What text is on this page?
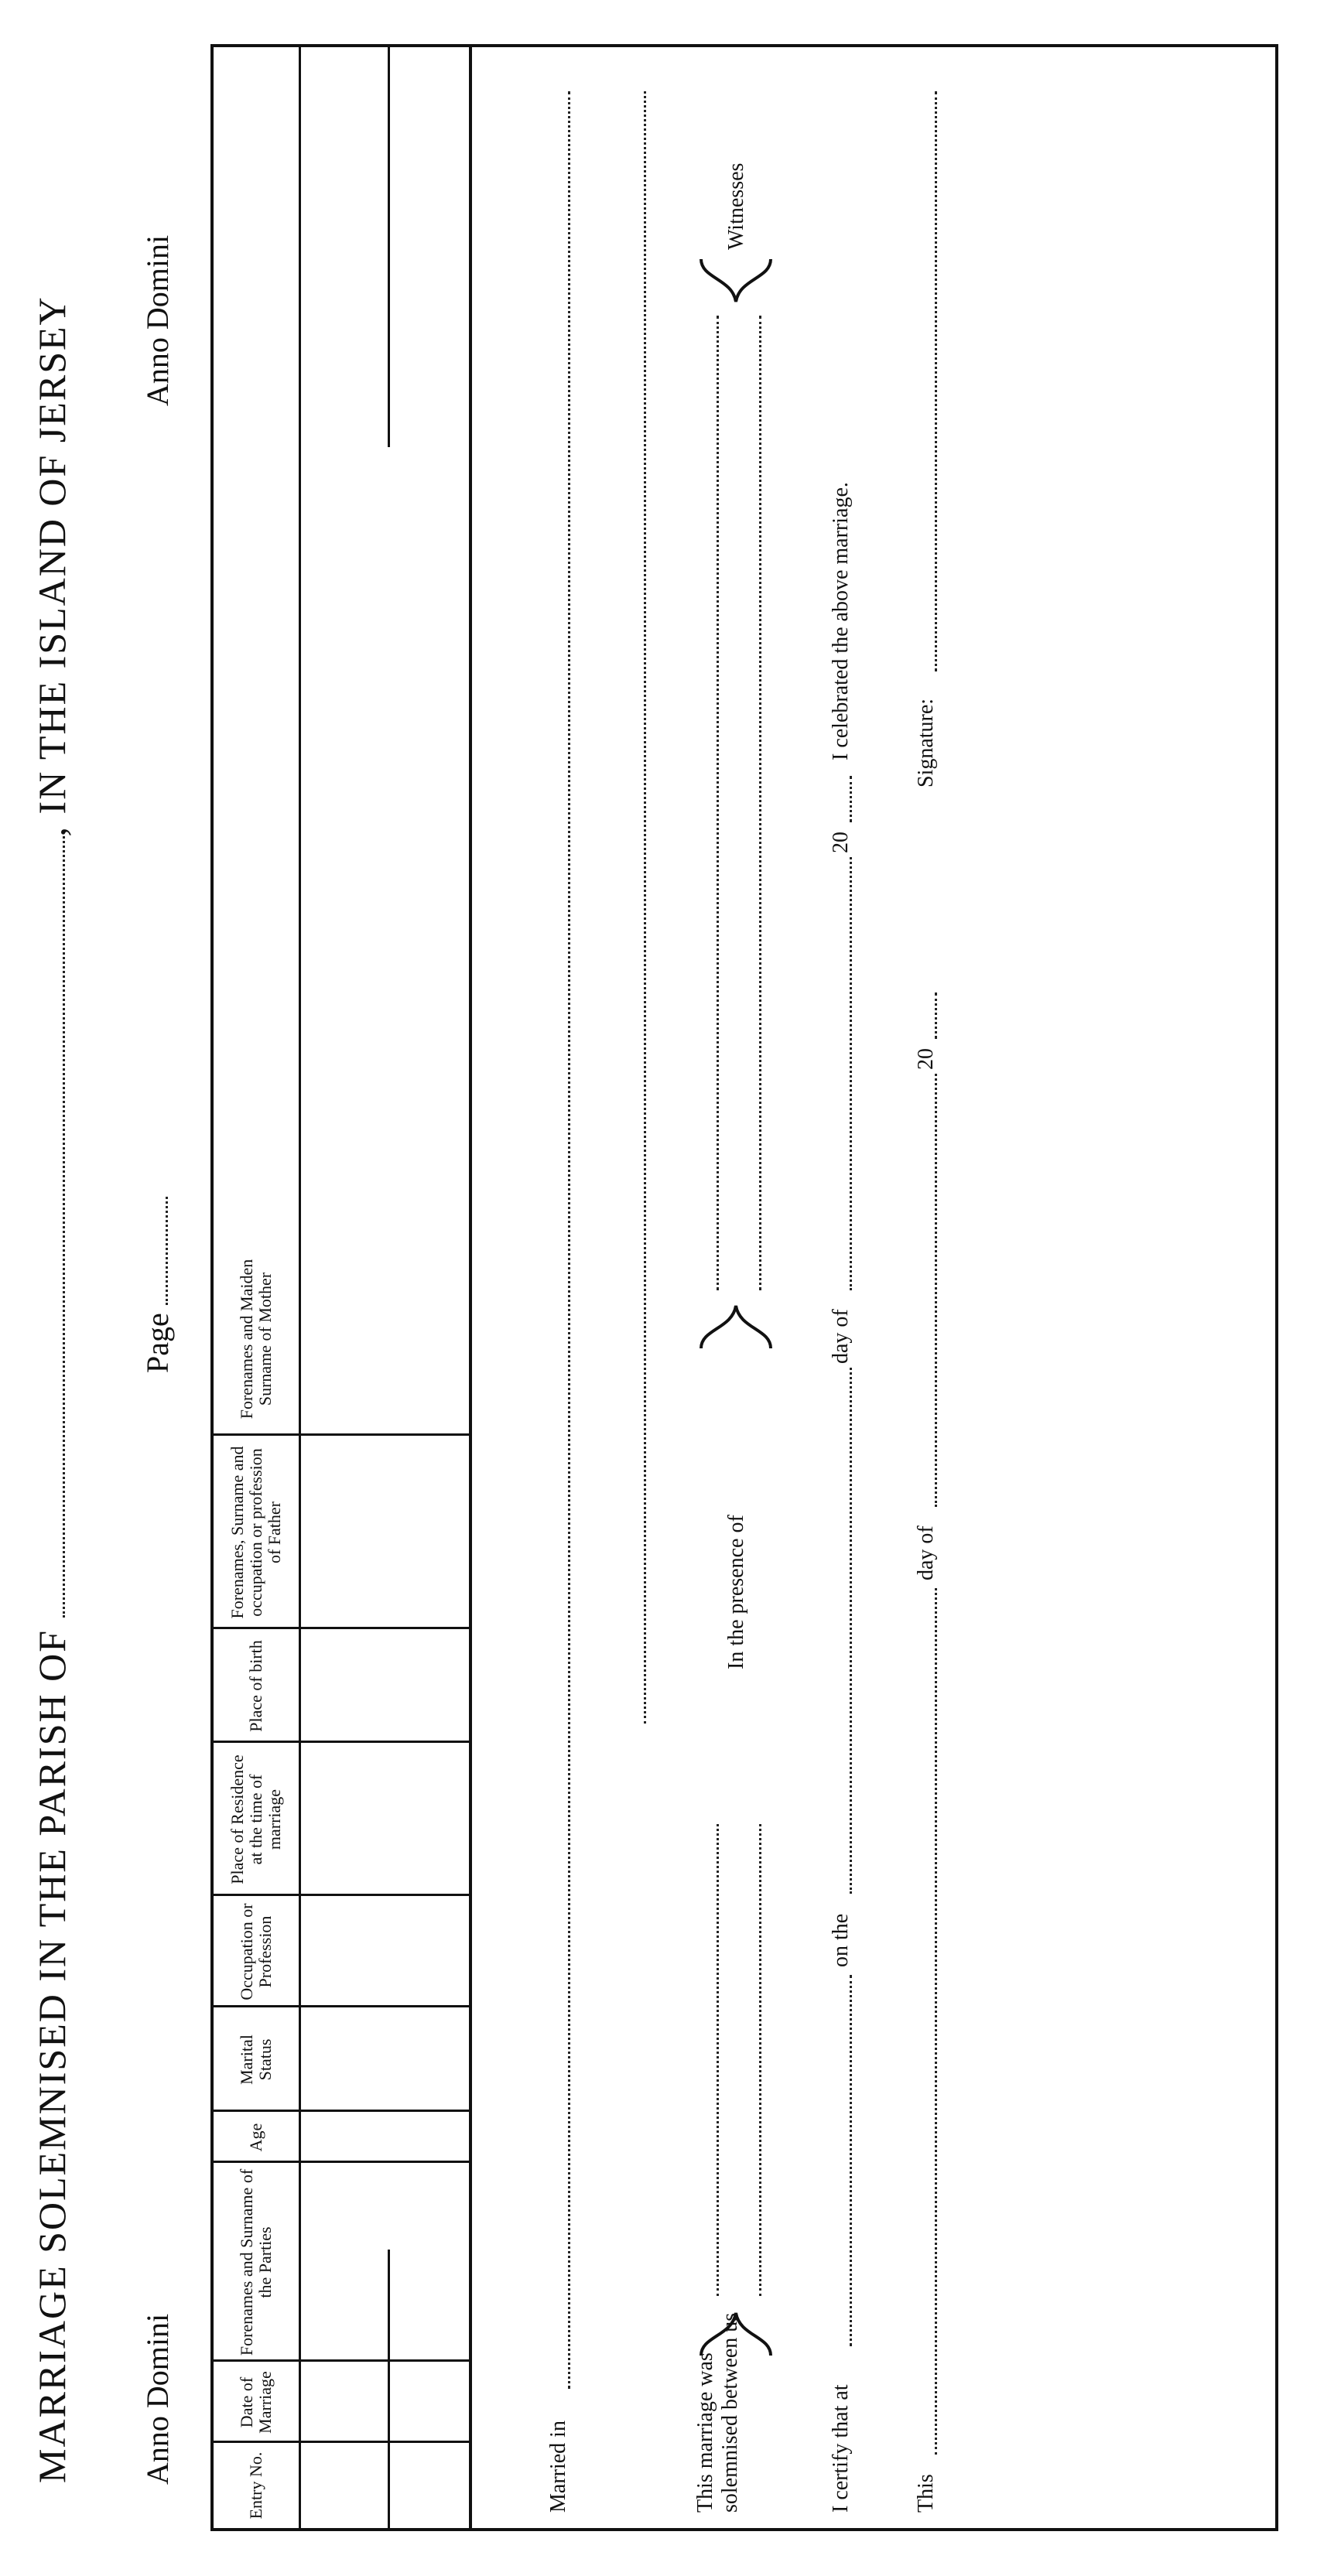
MARRIAGE SOLEMNISED IN THE PARISH OF , IN THE ISLAND OF JERSEY
Anno Domini
Page
Anno Domini
Entry No.
Date of Marriage
Forenames and Surname of the Parties
Age
Marital Status
Occupation or Profession
Place of Residence at the time of marriage
Place of birth
Forenames, Surname and occupation or profession of Father
Forenames and Maiden Surname of Mother
Married in	This marriage was solemnised between us
In the presence of
Witnesses
I certify that at
on the
day of
20
I celebrated the above marriage.
This
day of
20
Signature:
